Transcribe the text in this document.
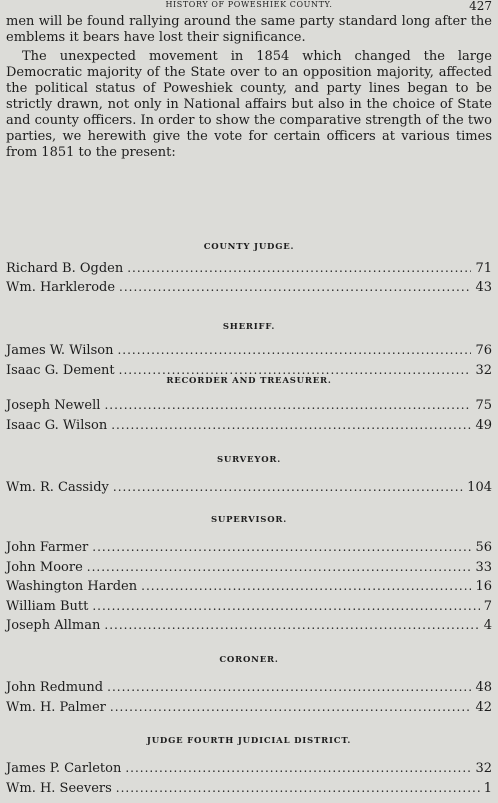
HISTORY OF POWESHIEK COUNTY.	427

men will be found rallying around the same party standard long after the emblems it bears have lost their significance.

The unexpected movement in 1854 which changed the large Democratic majority of the State over to an opposition majority, affected the political status of Poweshiek county, and party lines began to be strictly drawn, not only in National affairs but also in the choice of State and county officers. In order to show the comparative strength of the two parties, we herewith give the vote for certain officers at various times from 1851 to the present:

COUNTY JUDGE.
Richard B. Ogden .....	71
Wm. Harklerode .....	43
SHERIFF.
James W. Wilson .....	76
Isaac G. Dement .....	32
RECORDER AND TREASURER.
Joseph Newell .....	75
Isaac G. Wilson .....	49
SURVEYOR.
Wm. R. Cassidy .....	104
SUPERVISOR.
John Farmer .....	56
John Moore .....	33
Washington Harden .....	16
William Butt .....	7
Joseph Allman .....	4
CORONER.
John Redmund .....	48
Wm. H. Palmer .....	42
JUDGE FOURTH JUDICIAL DISTRICT.
James P. Carleton .....	32
Wm. H. Seevers .....	1
